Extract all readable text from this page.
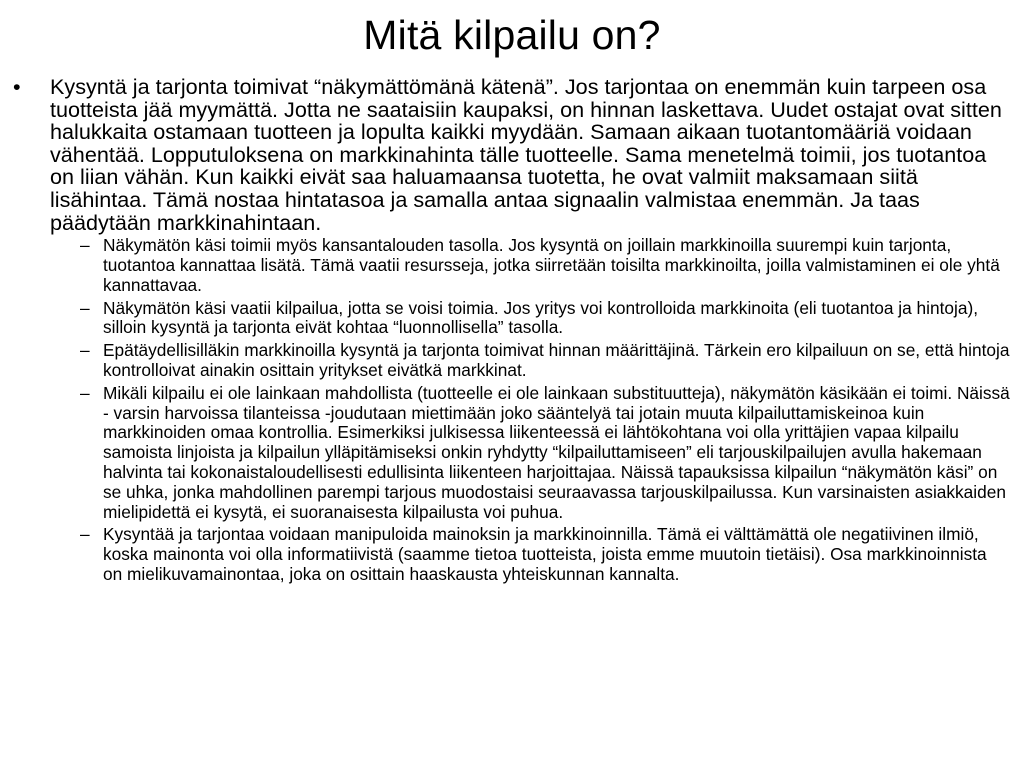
Mitä kilpailu on?
•	Kysyntä ja tarjonta toimivat “näkymättömänä kätenä”. Jos tarjontaa on enemmän kuin tarpeen osa tuotteista jää myymättä. Jotta ne saataisiin kaupaksi, on hinnan laskettava. Uudet ostajat ovat sitten halukkaita ostamaan tuotteen ja lopulta kaikki myydään. Samaan aikaan tuotantomääriä voidaan vähentää. Lopputuloksena on markkinahinta tälle tuotteelle. Sama menetelmä toimii, jos tuotantoa on liian vähän. Kun kaikki eivät saa haluamaansa tuotetta, he ovat valmiit maksamaan siitä lisähintaa. Tämä nostaa hintatasoa ja samalla antaa signaalin valmistaa enemmän. Ja taas päädytään markkinahintaan.
– Näkymätön käsi toimii myös kansantalouden tasolla. Jos kysyntä on joillain markkinoilla suurempi kuin tarjonta, tuotantoa kannattaa lisätä. Tämä vaatii resursseja, jotka siirretään toisilta markkinoilta, joilla valmistaminen ei ole yhtä kannattavaa.
– Näkymätön käsi vaatii kilpailua, jotta se voisi toimia. Jos yritys voi kontrolloida markkinoita (eli tuotantoa ja hintoja), silloin kysyntä ja tarjonta eivät kohtaa “luonnollisella” tasolla.
– Epätäydellisilläkin markkinoilla kysyntä ja tarjonta toimivat hinnan määrittäjinä. Tärkein ero kilpailuun on se, että hintoja kontrolloivat ainakin osittain yritykset eivätkä markkinat.
– Mikäli kilpailu ei ole lainkaan mahdollista (tuotteelle ei ole lainkaan substituutteja), näkymätön käsikään ei toimi. Näissä - varsin harvoissa tilanteissa -joudutaan miettimään joko sääntelyä tai jotain muuta kilpailuttamiskeinoa kuin markkinoiden omaa kontrollia. Esimerkiksi julkisessa liikenteessä ei lähtökohtana voi olla yrittäjien vapaa kilpailu samoista linjoista ja kilpailun ylläpitämiseksi onkin ryhdytty “kilpailuttamiseen” eli tarjouskilpailujen avulla hakemaan halvinta tai kokonaistaloudellisesti edullisinta liikenteen harjoittajaa. Näissä tapauksissa kilpailun “näkymätön käsi” on se uhka, jonka mahdollinen parempi tarjous muodostaisi seuraavassa tarjouskilpailussa. Kun varsinaisten asiakkaiden mielipidettä ei kysytä, ei suoranaisesta kilpailusta voi puhua.
– Kysyntää ja tarjontaa voidaan manipuloida mainoksin ja markkinoinnilla. Tämä ei välttämättä ole negatiivinen ilmiö, koska mainonta voi olla informatiivistä (saamme tietoa tuotteista, joista emme muutoin tietäisi). Osa markkinoinnista on mielikuvamainontaa, joka on osittain haaskausta yhteiskunnan kannalta.
